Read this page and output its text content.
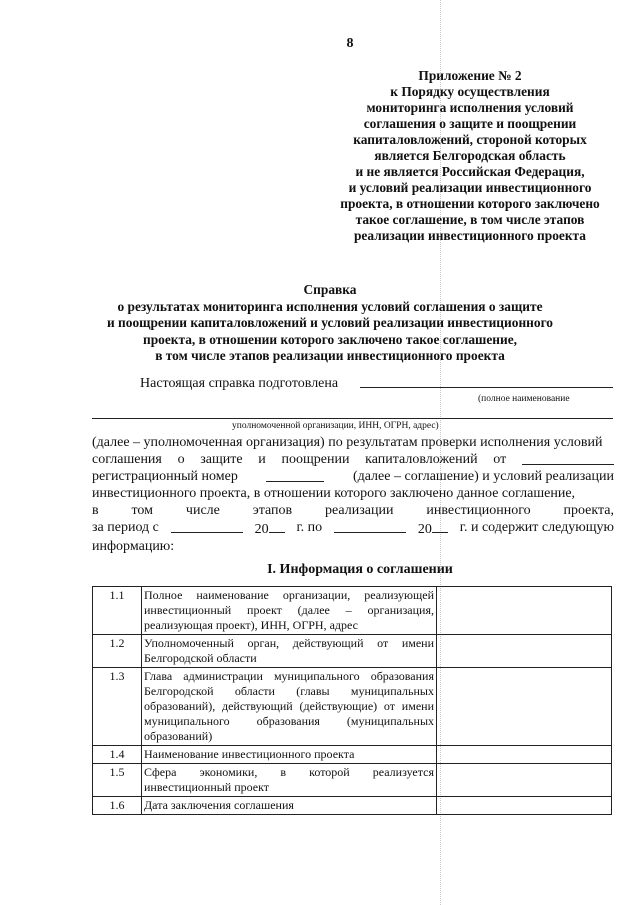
8
Приложение № 2
к Порядку осуществления
мониторинга исполнения условий
соглашения о защите и поощрении
капиталовложений, стороной которых
является Белгородская область
и не является Российская Федерация,
и условий реализации инвестиционного
проекта, в отношении которого заключено
такое соглашение, в том числе этапов
реализации инвестиционного проекта
Справка
о результатах мониторинга исполнения условий соглашения о защите
и поощрении капиталовложений и условий реализации инвестиционного
проекта, в отношении которого заключено такое соглашение,
в том числе этапов реализации инвестиционного проекта
Настоящая справка подготовлена
(полное наименование
уполномоченной организации, ИНН, ОГРН, адрес)
(далее – уполномоченная организация) по результатам проверки исполнения условий
соглашения о защите и поощрении капиталовложений от
регистрационный номер	(далее – соглашение) и условий реализации
инвестиционного проекта, в отношении которого заключено данное соглашение,
в том числе этапов реализации инвестиционного проекта,
за период с	20	г. по	20	г. и содержит следующую
информацию:
I. Информация о соглашении
1.1	Полное наименование организации, реализующей инвестиционный проект (далее – организация, реализующая проект), ИНН, ОГРН, адрес	
1.2	Уполномоченный орган, действующий от имени Белгородской области	
1.3	Глава администрации муниципального образования Белгородской области (главы муниципальных образований), действующий (действующие) от имени муниципального образования (муниципальных образований)	
1.4	Наименование инвестиционного проекта	
1.5	Сфера экономики, в которой реализуется инвестиционный проект	
1.6	Дата заключения соглашения	
